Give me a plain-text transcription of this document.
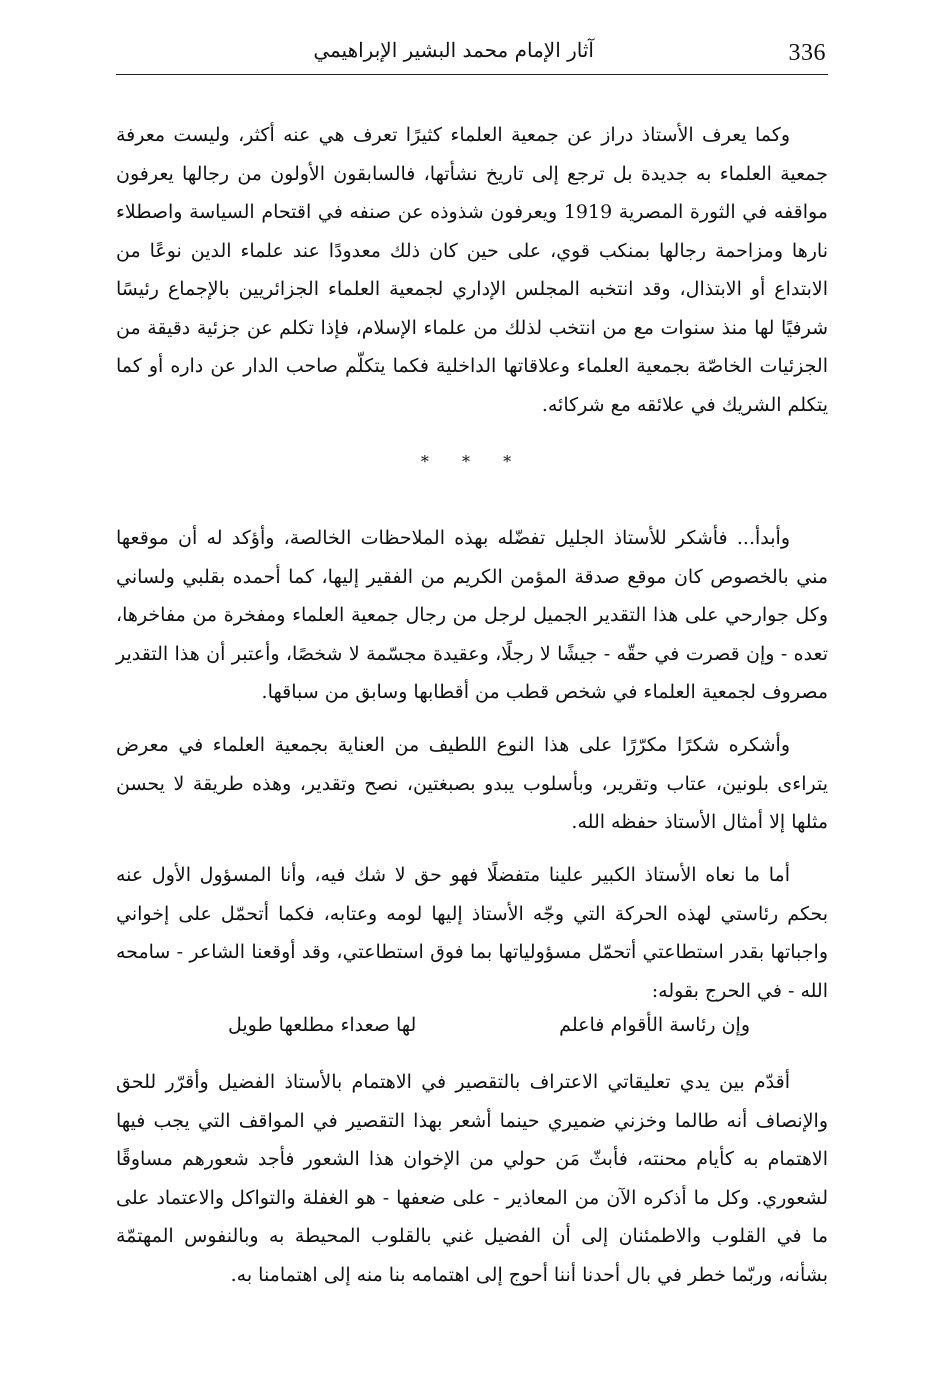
336
آثار الإمام محمد البشير الإبراهيمي

وكما يعرف الأستاذ دراز عن جمعية العلماء كثيرًا تعرف هي عنه أكثر، وليست معرفة جمعية العلماء به جديدة بل ترجع إلى تاريخ نشأتها، فالسابقون الأولون من رجالها يعرفون مواقفه في الثورة المصرية 1919 ويعرفون شذوذه عن صنفه في اقتحام السياسة واصطلاء نارها ومزاحمة رجالها بمنكب قوي، على حين كان ذلك معدودًا عند علماء الدين نوعًا من الابتداع أو الابتذال، وقد انتخبه المجلس الإداري لجمعية العلماء الجزائريين بالإجماع رئيسًا شرفيًا لها منذ سنوات مع من انتخب لذلك من علماء الإسلام، فإذا تكلم عن جزئية دقيقة من الجزئيات الخاصّة بجمعية العلماء وعلاقاتها الداخلية فكما يتكلّم صاحب الدار عن داره أو كما يتكلم الشريك في علائقه مع شركائه.

* * *

وأبدأ... فأشكر للأستاذ الجليل تفضّله بهذه الملاحظات الخالصة، وأؤكد له أن موقعها مني بالخصوص كان موقع صدقة المؤمن الكريم من الفقير إليها، كما أحمده بقلبي ولساني وكل جوارحي على هذا التقدير الجميل لرجل من رجال جمعية العلماء ومفخرة من مفاخرها، تعده - وإن قصرت في حقّه - جيشًا لا رجلًا، وعقيدة مجسّمة لا شخصًا، وأعتبر أن هذا التقدير مصروف لجمعية العلماء في شخص قطب من أقطابها وسابق من سباقها.

وأشكره شكرًا مكرّرًا على هذا النوع اللطيف من العناية بجمعية العلماء في معرض يتراءى بلونين، عتاب وتقرير، وبأسلوب يبدو بصبغتين، نصح وتقدير، وهذه طريقة لا يحسن مثلها إلا أمثال الأستاذ حفظه الله.

أما ما نعاه الأستاذ الكبير علينا متفضلًا فهو حق لا شك فيه، وأنا المسؤول الأول عنه بحكم رئاستي لهذه الحركة التي وجّه الأستاذ إليها لومه وعتابه، فكما أتحمّل على إخواني واجباتها بقدر استطاعتي أتحمّل مسؤولياتها بما فوق استطاعتي، وقد أوقعنا الشاعر - سامحه الله - في الحرج بقوله:

وإن رئاسة الأقوام فاعلم
لها صعداء مطلعها طويل

أقدّم بين يدي تعليقاتي الاعتراف بالتقصير في الاهتمام بالأستاذ الفضيل وأقرّر للحق والإنصاف أنه طالما وخزني ضميري حينما أشعر بهذا التقصير في المواقف التي يجب فيها الاهتمام به كأيام محنته، فأبثّ مَن حولي من الإخوان هذا الشعور فأجد شعورهم مساوقًا لشعوري. وكل ما أذكره الآن من المعاذير - على ضعفها - هو الغفلة والتواكل والاعتماد على ما في القلوب والاطمئنان إلى أن الفضيل غني بالقلوب المحيطة به وبالنفوس المهتمّة بشأنه، وربّما خطر في بال أحدنا أننا أحوج إلى اهتمامه بنا منه إلى اهتمامنا به.
